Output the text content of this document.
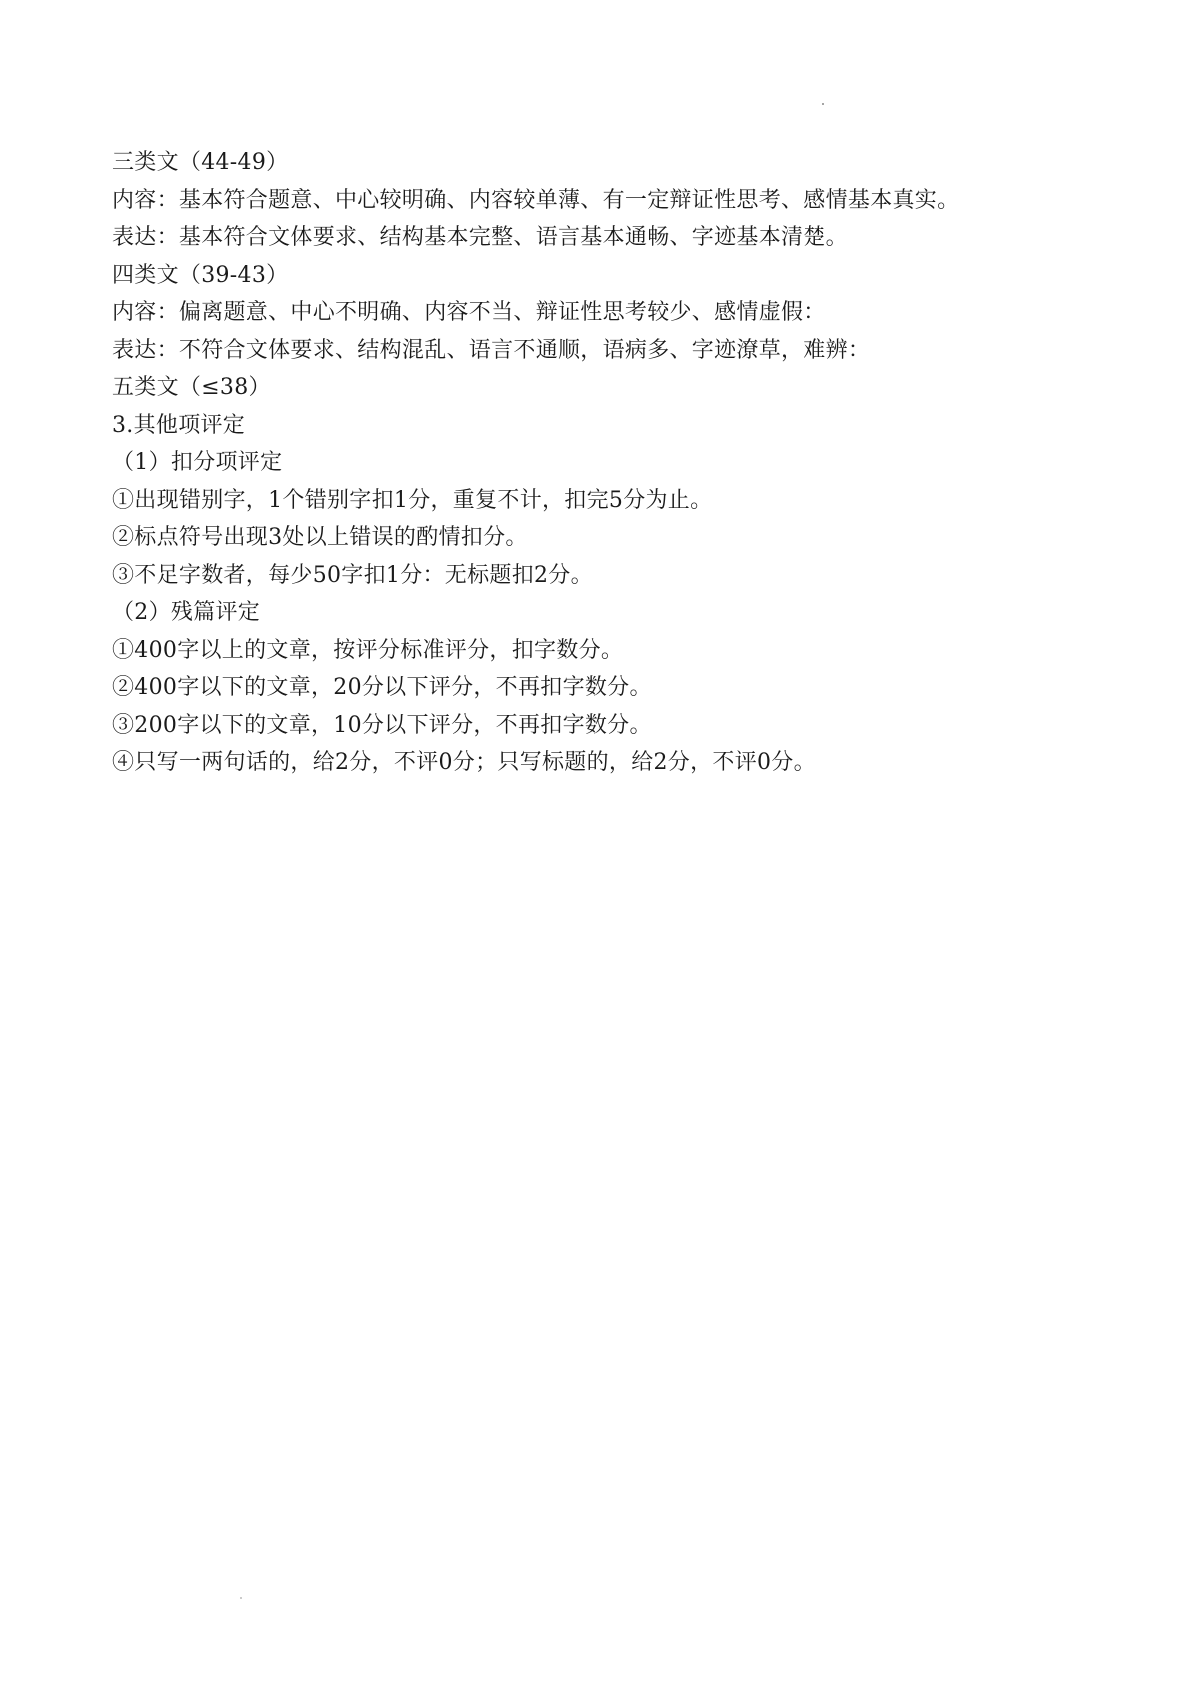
三类文（44-49）
内容：基本符合题意、中心较明确、内容较单薄、有一定辩证性思考、感情基本真实。
表达：基本符合文体要求、结构基本完整、语言基本通畅、字迹基本清楚。
四类文（39-43）
内容：偏离题意、中心不明确、内容不当、辩证性思考较少、感情虚假：
表达：不符合文体要求、结构混乱、语言不通顺，语病多、字迹潦草，难辨：
五类文（≤38）
3.其他项评定
（1）扣分项评定
①出现错别字，1个错别字扣1分，重复不计，扣完5分为止。
②标点符号出现3处以上错误的酌情扣分。
③不足字数者，每少50字扣1分：无标题扣2分。
（2）残篇评定
①400字以上的文章，按评分标准评分，扣字数分。
②400字以下的文章，20分以下评分，不再扣字数分。
③200字以下的文章，10分以下评分，不再扣字数分。
④只写一两句话的，给2分，不评0分；只写标题的，给2分，不评0分。
